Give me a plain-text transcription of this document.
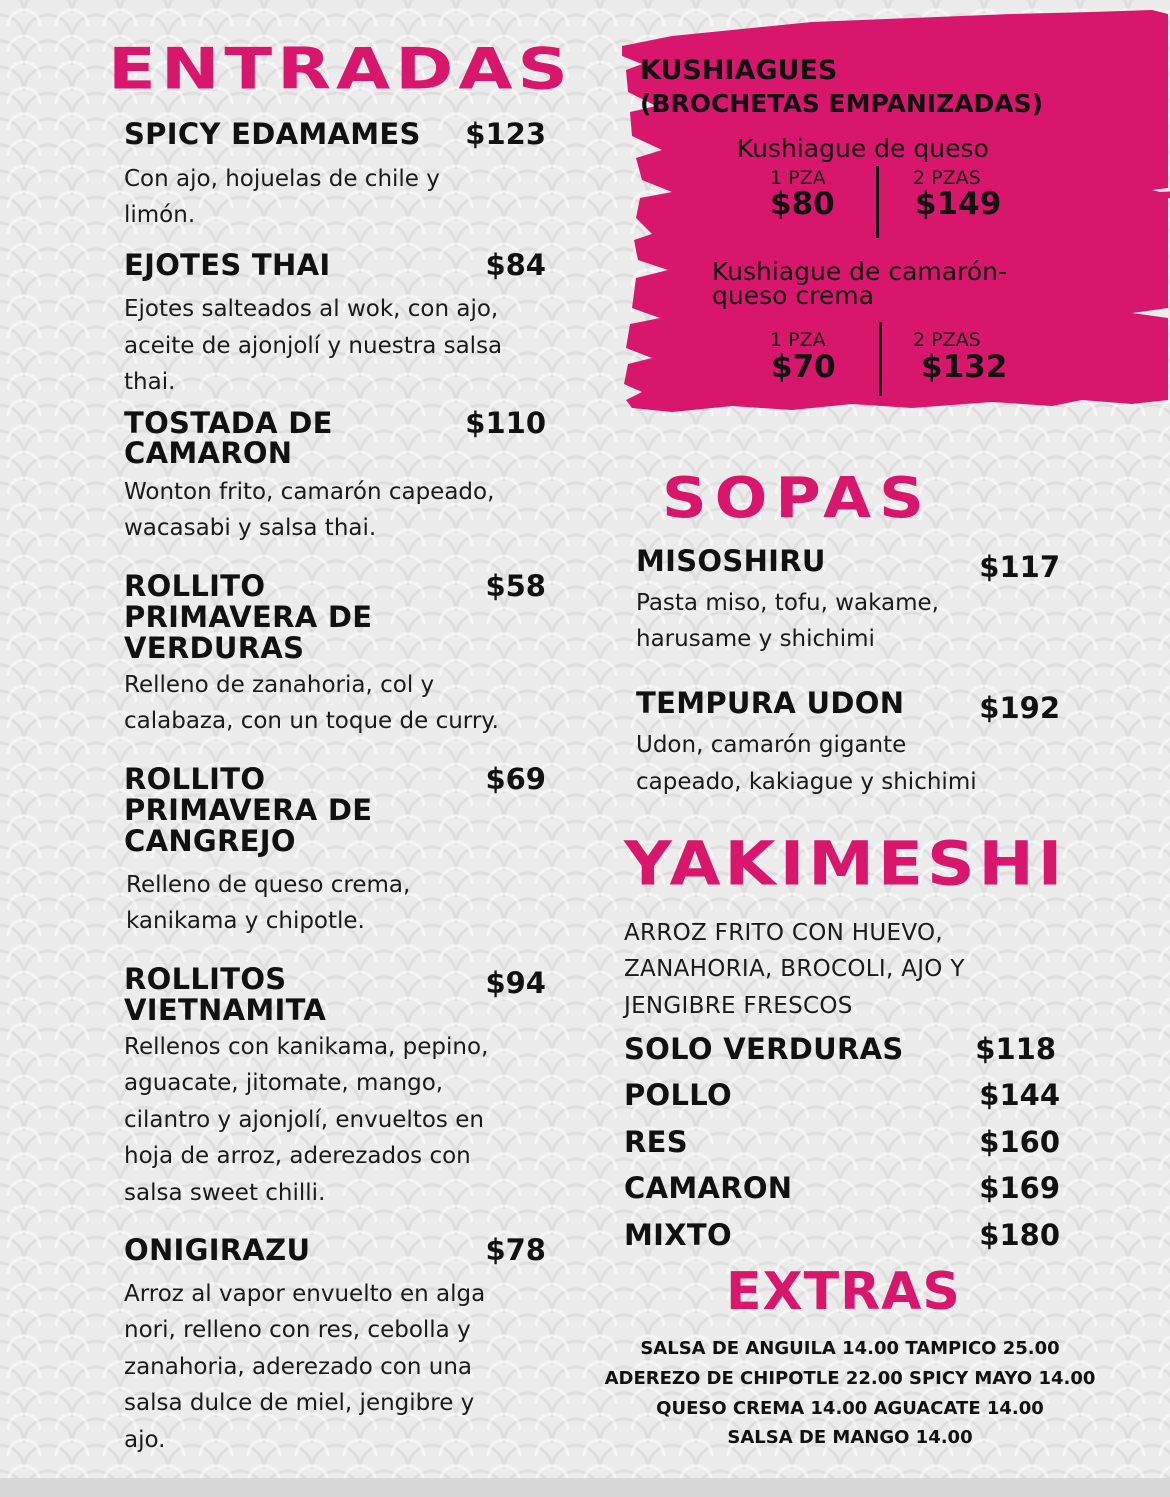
ENTRADAS
SPICY EDAMAMES	$123
Con ajo, hojuelas de chile y
limón.
EJOTES THAI	$84
Ejotes salteados al wok, con ajo,
aceite de ajonjolí y nuestra salsa
thai.
TOSTADA DE
CAMARON
$110
Wonton frito, camarón capeado,
wacasabi y salsa thai.
ROLLITO
PRIMAVERA DE
VERDURAS
$58
Relleno de zanahoria, col y
calabaza, con un toque de curry.
ROLLITO
PRIMAVERA DE
CANGREJO
$69
Relleno de queso crema,
kanikama y chipotle.
ROLLITOS
VIETNAMITA
$94
Rellenos con kanikama, pepino,
aguacate, jitomate, mango,
cilantro y ajonjolí, envueltos en
hoja de arroz, aderezados con
salsa sweet chilli.
ONIGIRAZU	$78
Arroz al vapor envuelto en alga
nori, relleno con res, cebolla y
zanahoria, aderezado con una
salsa dulce de miel, jengibre y
ajo.
KUSHIAGUES
(BROCHETAS EMPANIZADAS)
Kushiague de queso
1 PZA
$80
2 PZAS
$149
Kushiague de camarón-
queso crema
1 PZA
$70
2 PZAS
$132
SOPAS
MISOSHIRU	$117
Pasta miso, tofu, wakame,
harusame y shichimi
TEMPURA UDON	$192
Udon, camarón gigante
capeado, kakiague y shichimi
YAKIMESHI
ARROZ FRITO CON HUEVO,
ZANAHORIA, BROCOLI, AJO Y
JENGIBRE FRESCOS
SOLO VERDURAS	$118
POLLO	$144
RES	$160
CAMARON	$169
MIXTO	$180
EXTRAS
SALSA DE ANGUILA 14.00 TAMPICO 25.00
ADEREZO DE CHIPOTLE 22.00 SPICY MAYO 14.00
QUESO CREMA 14.00 AGUACATE 14.00
SALSA DE MANGO 14.00
